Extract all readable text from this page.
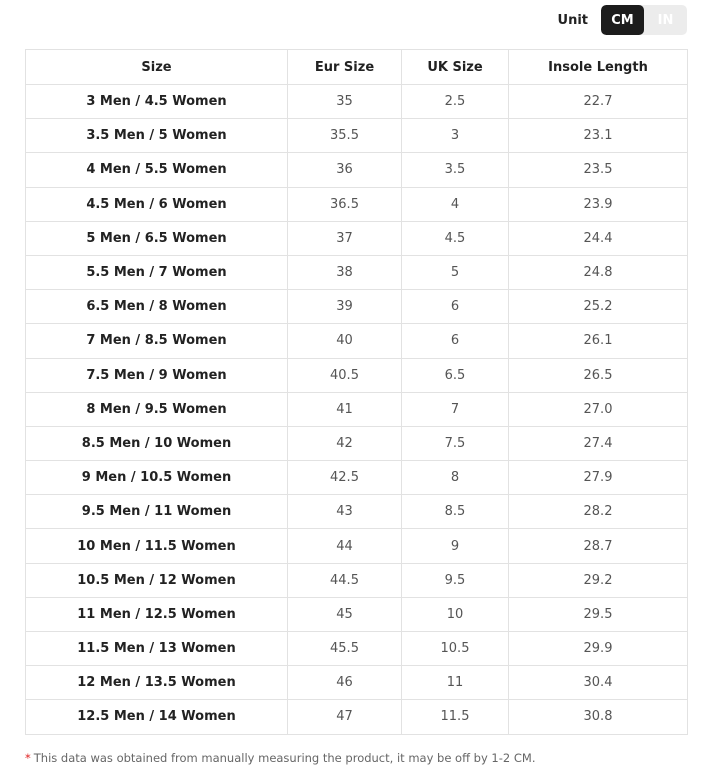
Unit	CM	IN
Size	Eur Size	UK Size	Insole Length
3 Men / 4.5 Women	35	2.5	22.7
3.5 Men / 5 Women	35.5	3	23.1
4 Men / 5.5 Women	36	3.5	23.5
4.5 Men / 6 Women	36.5	4	23.9
5 Men / 6.5 Women	37	4.5	24.4
5.5 Men / 7 Women	38	5	24.8
6.5 Men / 8 Women	39	6	25.2
7 Men / 8.5 Women	40	6	26.1
7.5 Men / 9 Women	40.5	6.5	26.5
8 Men / 9.5 Women	41	7	27.0
8.5 Men / 10 Women	42	7.5	27.4
9 Men / 10.5 Women	42.5	8	27.9
9.5 Men / 11 Women	43	8.5	28.2
10 Men / 11.5 Women	44	9	28.7
10.5 Men / 12 Women	44.5	9.5	29.2
11 Men / 12.5 Women	45	10	29.5
11.5 Men / 13 Women	45.5	10.5	29.9
12 Men / 13.5 Women	46	11	30.4
12.5 Men / 14 Women	47	11.5	30.8
* This data was obtained from manually measuring the product, it may be off by 1-2 CM.
